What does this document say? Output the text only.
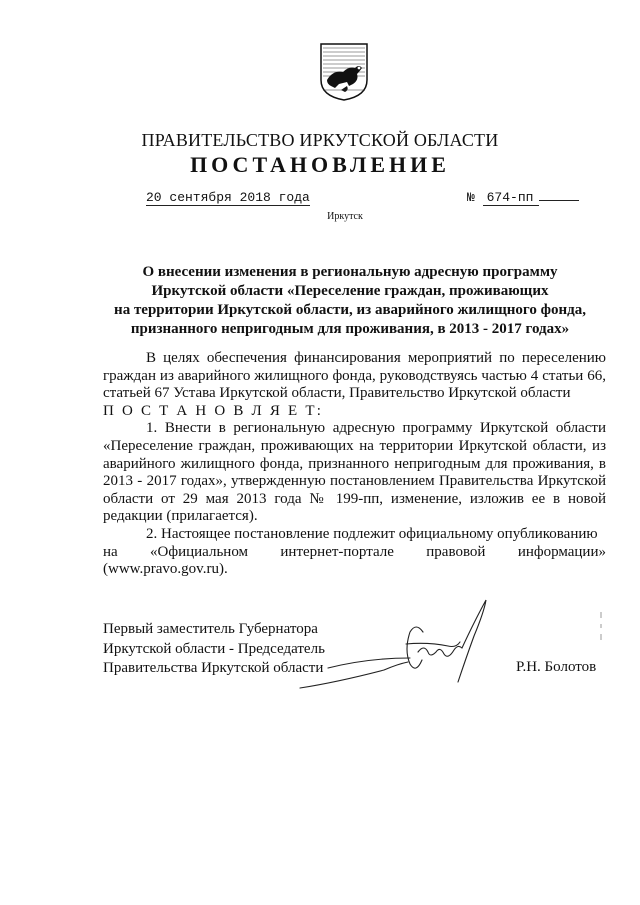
ПРАВИТЕЛЬСТВО ИРКУТСКОЙ ОБЛАСТИ
ПОСТАНОВЛЕНИЕ
20 сентября 2018 года	№ 674-пп
Иркутск
О внесении изменения в региональную адресную программу
Иркутской области «Переселение граждан, проживающих
на территории Иркутской области, из аварийного жилищного фонда,
признанного непригодным для проживания, в 2013 - 2017 годах»

В целях обеспечения финансирования мероприятий по переселению граждан из аварийного жилищного фонда, руководствуясь частью 4 статьи 66, статьей 67 Устава Иркутской области, Правительство Иркутской области

П О С Т А Н О В Л Я Е Т:

1. Внести в региональную адресную программу Иркутской области «Переселение граждан, проживающих на территории Иркутской области, из аварийного жилищного фонда, признанного непригодным для проживания, в 2013 - 2017 годах», утвержденную постановлением Правительства Иркутской области от 29 мая 2013 года № 199-пп, изменение, изложив ее в новой редакции (прилагается).

2. Настоящее постановление подлежит официальному опубликованию

на «Официальном интернет-портале правовой информации»

(www.pravo.gov.ru).

Первый заместитель Губернатора
Иркутской области - Председатель
Правительства Иркутской области	Р.Н. Болотов
